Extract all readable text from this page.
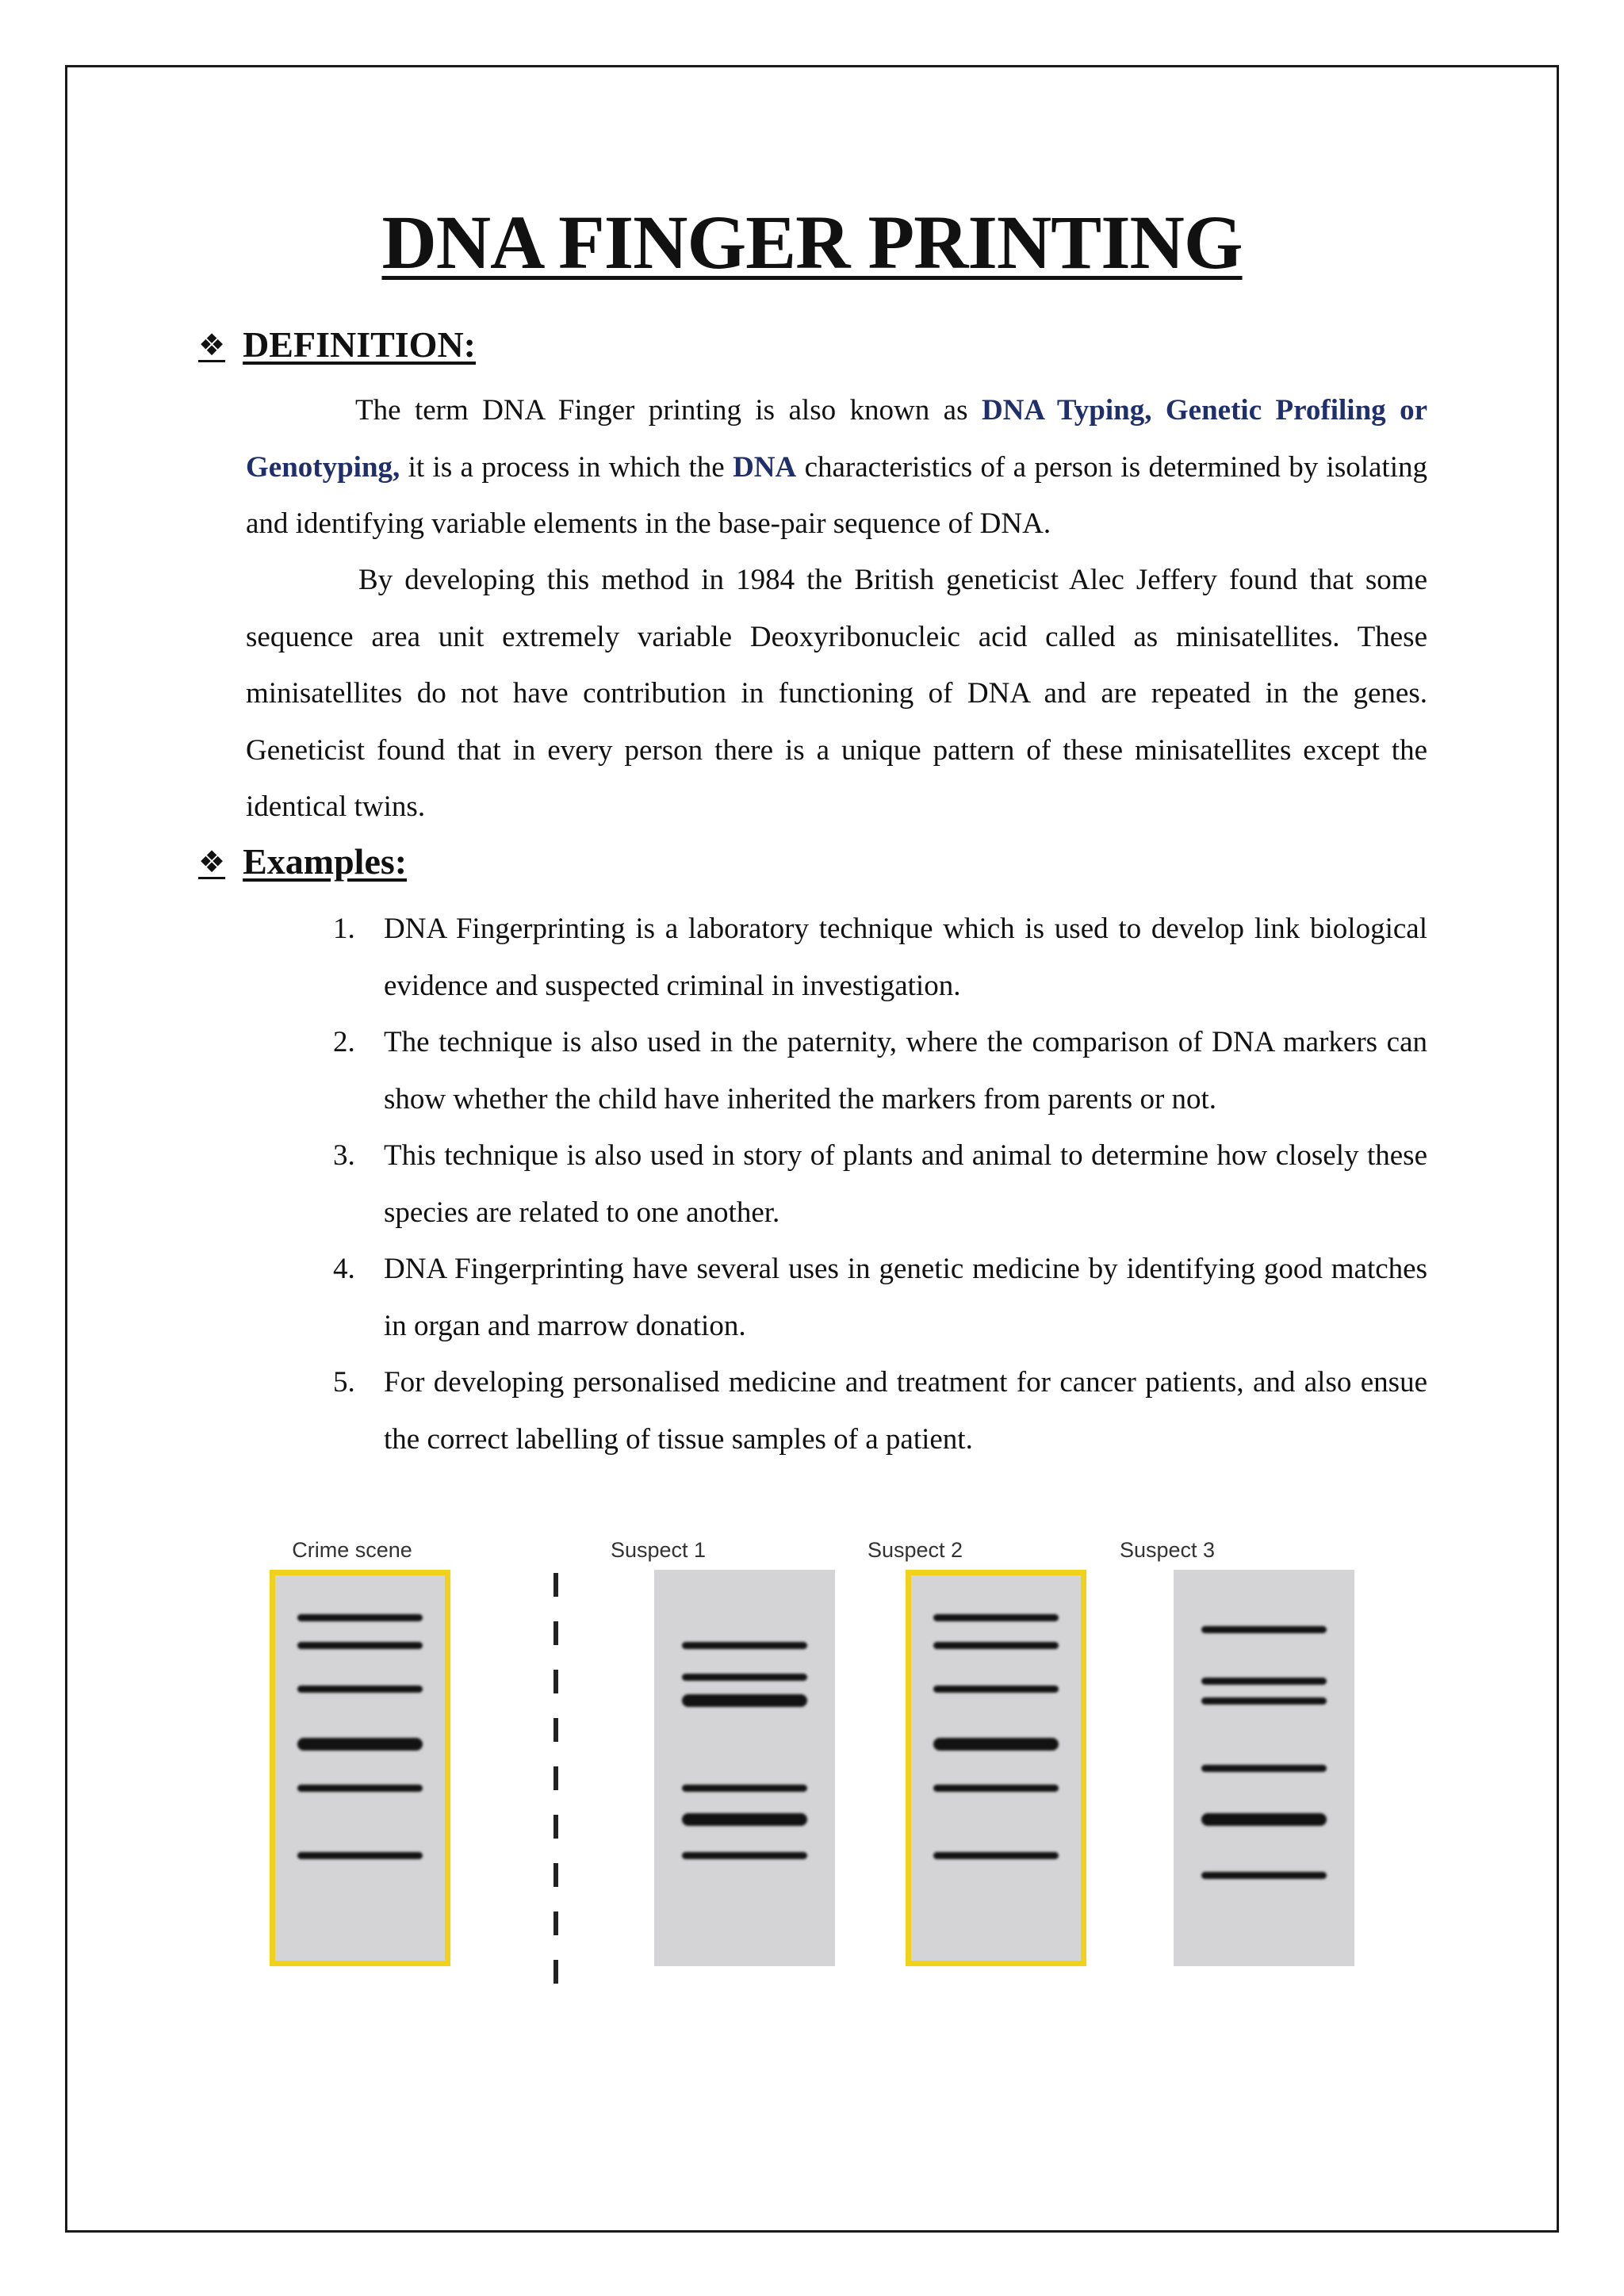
DNA FINGER PRINTING
❖ DEFINITION:
The term DNA Finger printing is also known as DNA Typing, Genetic Profiling or Genotyping, it is a process in which the DNA characteristics of a person is determined by isolating and identifying variable elements in the base-pair sequence of DNA.
By developing this method in 1984 the British geneticist Alec Jeffery found that some sequence area unit extremely variable Deoxyribonucleic acid called as minisatellites. These minisatellites do not have contribution in functioning of DNA and are repeated in the genes. Geneticist found that in every person there is a unique pattern of these minisatellites except the identical twins.
❖ Examples:
1. DNA Fingerprinting is a laboratory technique which is used to develop link biological evidence and suspected criminal in investigation.
2. The technique is also used in the paternity, where the comparison of DNA markers can show whether the child have inherited the markers from parents or not.
3. This technique is also used in story of plants and animal to determine how closely these species are related to one another.
4. DNA Fingerprinting have several uses in genetic medicine by identifying good matches in organ and marrow donation.
5. For developing personalised medicine and treatment for cancer patients, and also ensue the correct labelling of tissue samples of a patient.
Crime scene	Suspect 1	Suspect 2	Suspect 3
